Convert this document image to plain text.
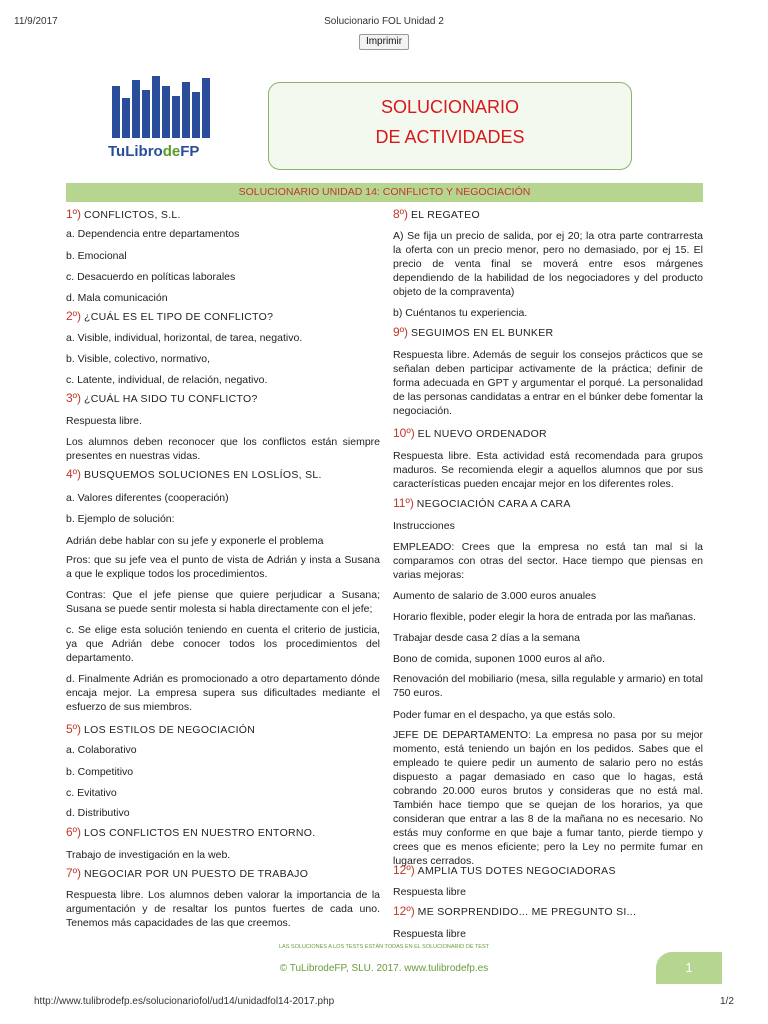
11/9/2017	Solucionario FOL Unidad 2
Imprimir
TuLibrodeFP
SOLUCIONARIO
DE ACTIVIDADES
SOLUCIONARIO UNIDAD 14: CONFLICTO Y NEGOCIACIÓN

1º) CONFLICTOS, S.L.

a. Dependencia entre departamentos

b. Emocional

c. Desacuerdo en políticas laborales

d. Mala comunicación

2º) ¿CUÁL ES EL TIPO DE CONFLICTO?

a. Visible, individual, horizontal, de tarea, negativo.

b. Visible, colectivo, normativo,

c. Latente, individual, de relación, negativo.

3º) ¿CUÁL HA SIDO TU CONFLICTO?

Respuesta libre.

Los alumnos deben reconocer que los conflictos están siempre presentes en nuestras vidas.

4º) BUSQUEMOS SOLUCIONES EN LOSLÍOS, SL.

a. Valores diferentes (cooperación)

b. Ejemplo de solución:

Adrián debe hablar con su jefe y exponerle el problema

Pros: que su jefe vea el punto de vista de Adrián y insta a Susana a que le explique todos los procedimientos.

Contras: Que el jefe piense que quiere perjudicar a Susana; Susana se puede sentir molesta si habla directamente con el jefe;

c. Se elige esta solución teniendo en cuenta el criterio de justicia, ya que Adrián debe conocer todos los procedimientos del departamento.

d. Finalmente Adrián es promocionado a otro departamento dónde encaja mejor. La empresa supera sus dificultades mediante el esfuerzo de sus miembros.

5º) LOS ESTILOS DE NEGOCIACIÓN

a. Colaborativo

b. Competitivo

c. Evitativo

d. Distributivo

6º) LOS CONFLICTOS EN NUESTRO ENTORNO.

Trabajo de investigación en la web.

7º) NEGOCIAR POR UN PUESTO DE TRABAJO

Respuesta libre. Los alumnos deben valorar la importancia de la argumentación y de resaltar los puntos fuertes de cada uno. Tenemos más capacidades de las que creemos.

8º) EL REGATEO

A) Se fija un precio de salida, por ej 20; la otra parte contrarresta la oferta con un precio menor, pero no demasiado, por ej 15. El precio de venta final se moverá entre esos márgenes dependiendo de la habilidad de los negociadores y del producto objeto de la compraventa)

b) Cuéntanos tu experiencia.

9º) SEGUIMOS EN EL BUNKER

Respuesta libre. Además de seguir los consejos prácticos que se señalan deben participar activamente de la práctica; definir de forma adecuada en GPT y argumentar el porqué. La personalidad de las personas candidatas a entrar en el búnker debe fomentar la negociación.

10º) EL NUEVO ORDENADOR

Respuesta libre. Esta actividad está recomendada para grupos maduros. Se recomienda elegir a aquellos alumnos que por sus características pueden encajar mejor en los diferentes roles.

11º) NEGOCIACIÓN CARA A CARA

Instrucciones

EMPLEADO: Crees que la empresa no está tan mal si la comparamos con otras del sector. Hace tiempo que piensas en varias mejoras:

Aumento de salario de 3.000 euros anuales

Horario flexible, poder elegir la hora de entrada por las mañanas.

Trabajar desde casa 2 días a la semana

Bono de comida, suponen 1000 euros al año.

Renovación del mobiliario (mesa, silla regulable y armario) en total 750 euros.

Poder fumar en el despacho, ya que estás solo.

JEFE DE DEPARTAMENTO: La empresa no pasa por su mejor momento, está teniendo un bajón en los pedidos. Sabes que el empleado te quiere pedir un aumento de salario pero no estás dispuesto a pagar demasiado en caso que lo hagas, está cobrando 20.000 euros brutos y consideras que no está mal. También hace tiempo que se quejan de los horarios, ya que consideran que entrar a las 8 de la mañana no es necesario. No estás muy conforme en que baje a fumar tanto, pierde tiempo y crees que es menos eficiente; pero la Ley no permite fumar en lugares cerrados.

12º) AMPLIA TUS DOTES NEGOCIADORAS

Respuesta libre

12º) ME SORPRENDIDO... ME PREGUNTO SI...

Respuesta libre

LAS SOLUCIONES A LOS TESTS ESTÁN TODAS EN EL SOLUCIONARIO DE TEST
© TuLibrodeFP, SLU. 2017. www.tulibrodefp.es	1
http://www.tulibrodefp.es/solucionariofol/ud14/unidadfol14-2017.php	1/2
